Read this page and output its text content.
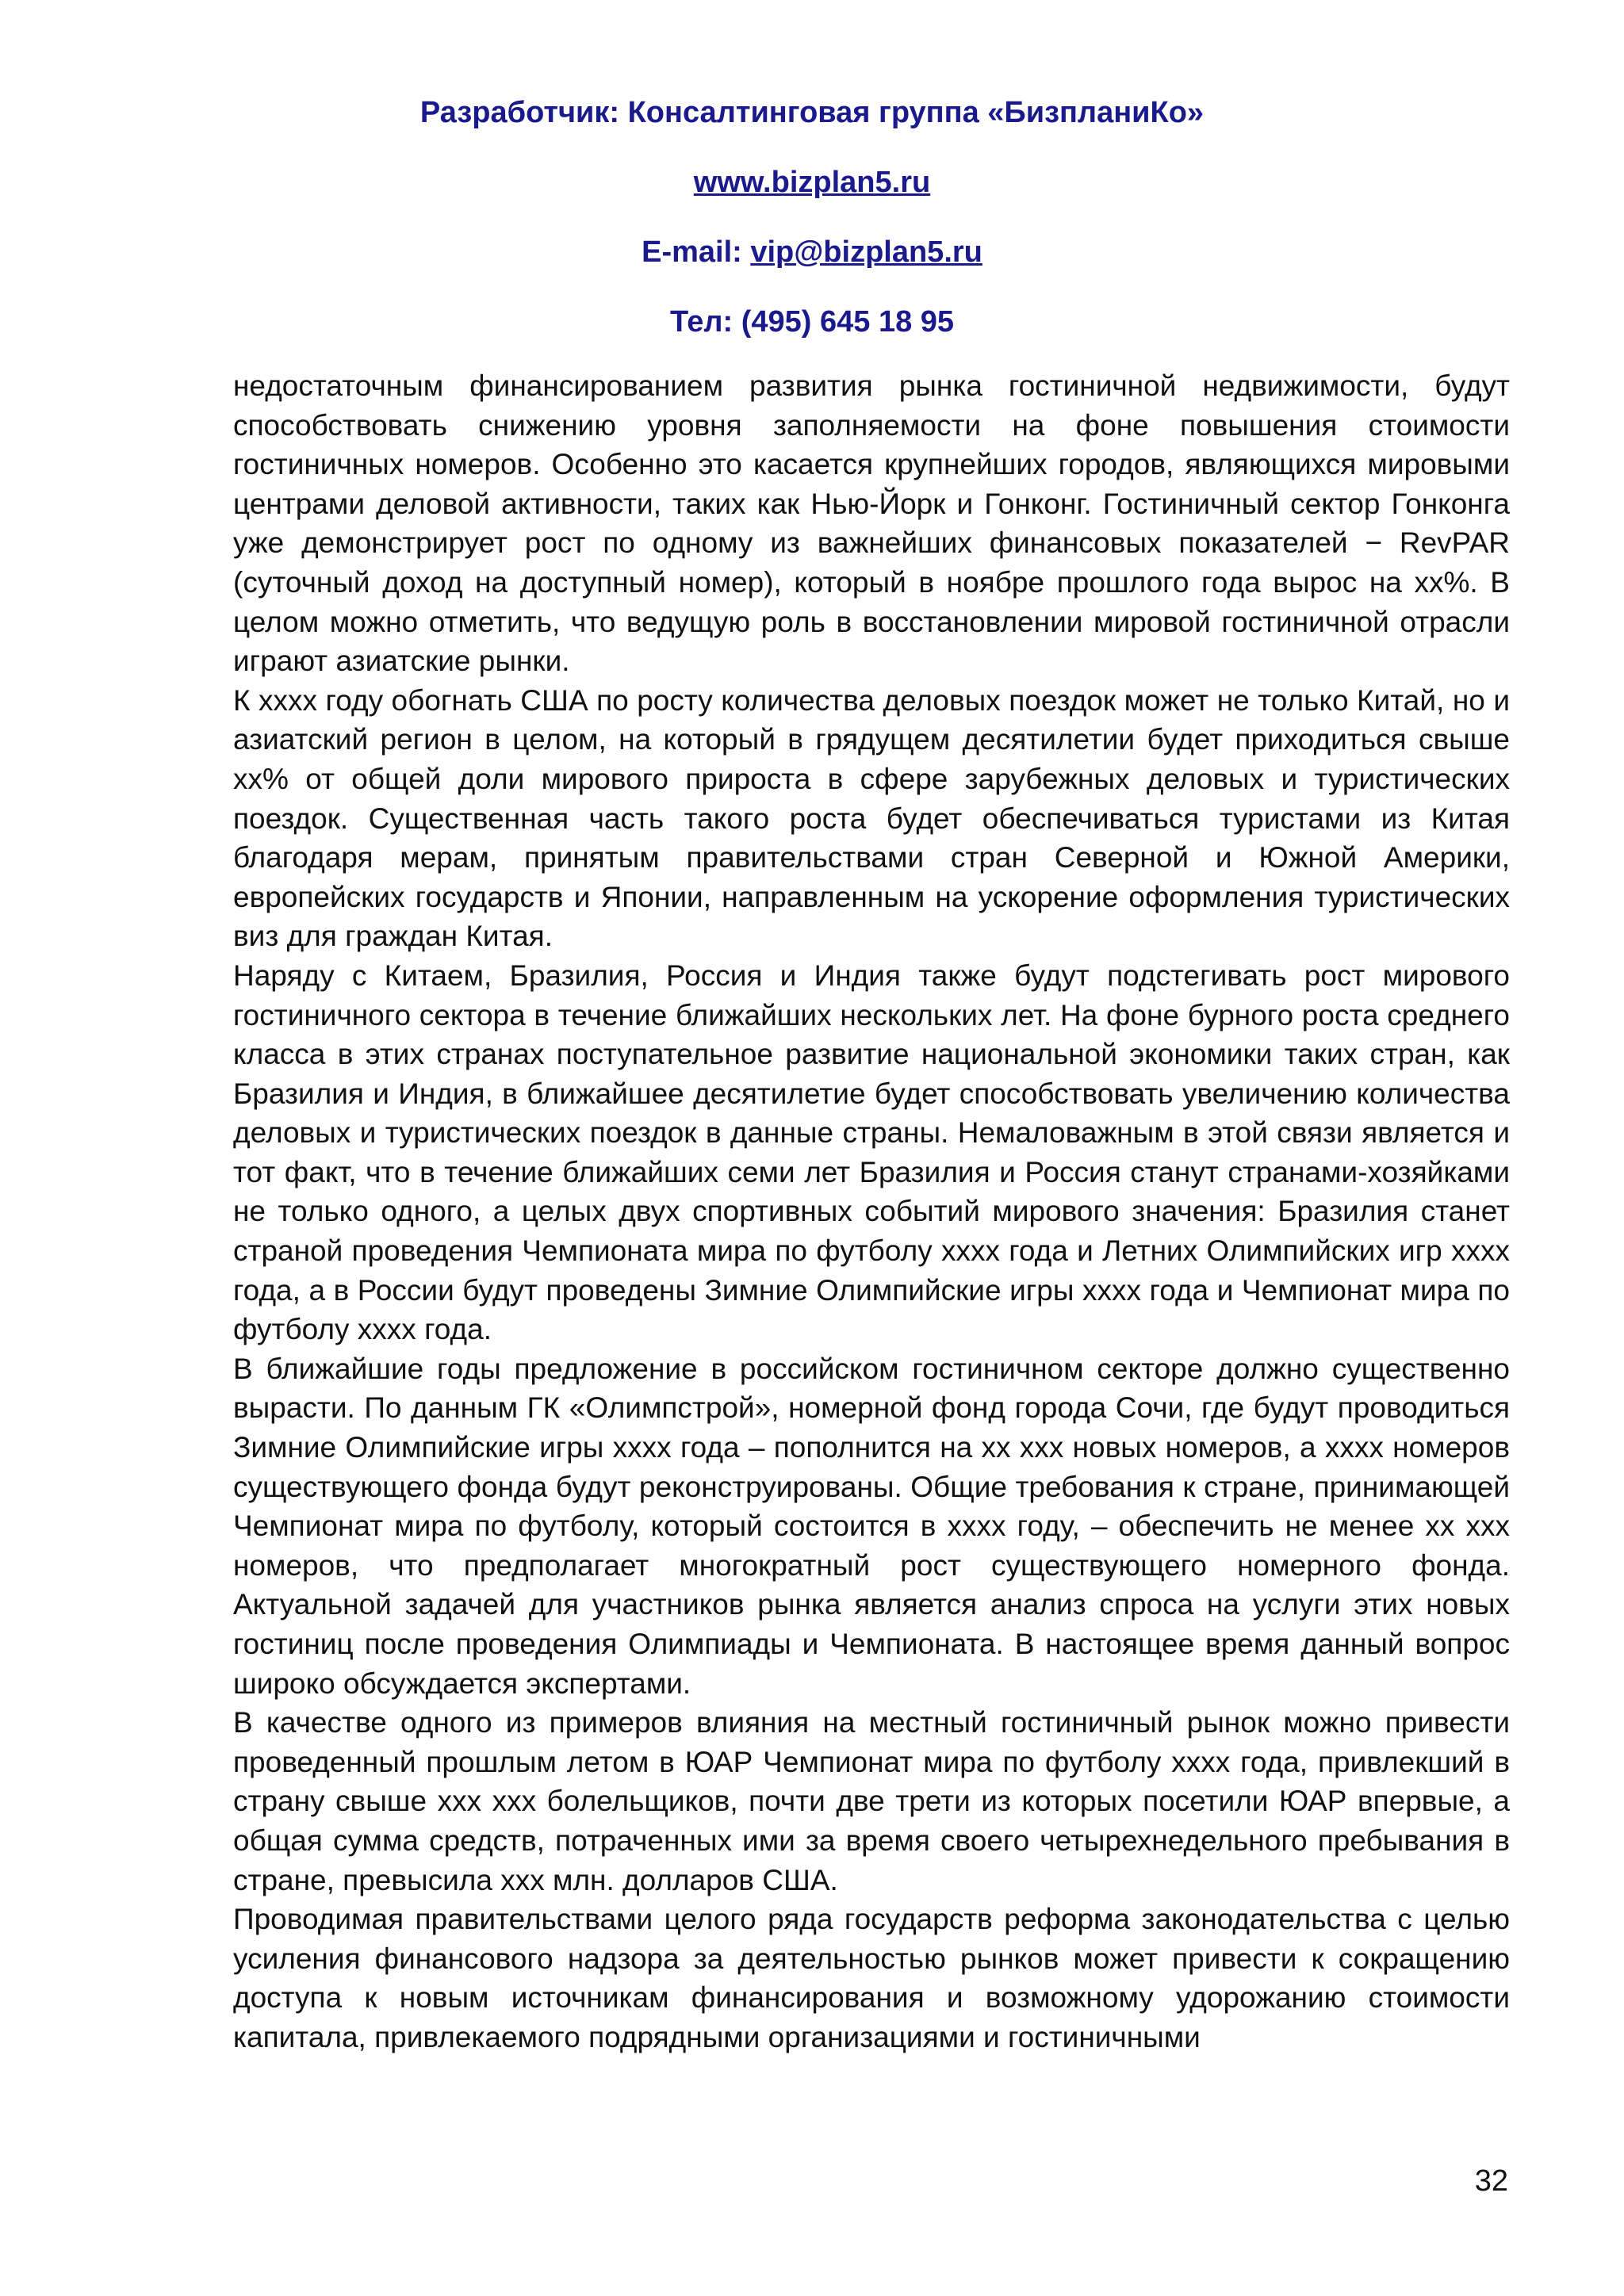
Разработчик: Консалтинговая группа «БизпланиКо»
www.bizplan5.ru
E-mail: vip@bizplan5.ru
Тел: (495) 645 18 95

недостаточным финансированием развития рынка гостиничной недвижимости, будут способствовать снижению уровня заполняемости на фоне повышения стоимости гостиничных номеров. Особенно это касается крупнейших городов, являющихся мировыми центрами деловой активности, таких как Нью-Йорк и Гонконг. Гостиничный сектор Гонконга уже демонстрирует рост по одному из важнейших финансовых показателей − RevPAR (суточный доход на доступный номер), который в ноябре прошлого года вырос на xx%. В целом можно отметить, что ведущую роль в восстановлении мировой гостиничной отрасли играют азиатские рынки.

К xxxx году обогнать США по росту количества деловых поездок может не только Китай, но и азиатский регион в целом, на который в грядущем десятилетии будет приходиться свыше xx% от общей доли мирового прироста в сфере зарубежных деловых и туристических поездок. Существенная часть такого роста будет обеспечиваться туристами из Китая благодаря мерам, принятым правительствами стран Северной и Южной Америки, европейских государств и Японии, направленным на ускорение оформления туристических виз для граждан Китая.

Наряду с Китаем, Бразилия, Россия и Индия также будут подстегивать рост мирового гостиничного сектора в течение ближайших нескольких лет. На фоне бурного роста среднего класса в этих странах поступательное развитие национальной экономики таких стран, как Бразилия и Индия, в ближайшее десятилетие будет способствовать увеличению количества деловых и туристических поездок в данные страны. Немаловажным в этой связи является и тот факт, что в течение ближайших семи лет Бразилия и Россия станут странами-хозяйками не только одного, а целых двух спортивных событий мирового значения: Бразилия станет страной проведения Чемпионата мира по футболу xxxx года и Летних Олимпийских игр xxxx года, а в России будут проведены Зимние Олимпийские игры xxxx года и Чемпионат мира по футболу xxxx года.

В ближайшие годы предложение в российском гостиничном секторе должно существенно вырасти. По данным ГК «Олимпстрой», номерной фонд города Сочи, где будут проводиться Зимние Олимпийские игры xxxx года – пополнится на xx xxx новых номеров, а xxxx номеров существующего фонда будут реконструированы. Общие требования к стране, принимающей Чемпионат мира по футболу, который состоится в xxxx году, – обеспечить не менее xx xxx номеров, что предполагает многократный рост существующего номерного фонда. Актуальной задачей для участников рынка является анализ спроса на услуги этих новых гостиниц после проведения Олимпиады и Чемпионата. В настоящее время данный вопрос широко обсуждается экспертами.

В качестве одного из примеров влияния на местный гостиничный рынок можно привести проведенный прошлым летом в ЮАР Чемпионат мира по футболу xxxx года, привлекший в страну свыше xxx xxx болельщиков, почти две трети из которых посетили ЮАР впервые, а общая сумма средств, потраченных ими за время своего четырехнедельного пребывания в стране, превысила xxx млн. долларов США.

Проводимая правительствами целого ряда государств реформа законодательства с целью усиления финансового надзора за деятельностью рынков может привести к сокращению доступа к новым источникам финансирования и возможному удорожанию стоимости капитала, привлекаемого подрядными организациями и гостиничными

32
